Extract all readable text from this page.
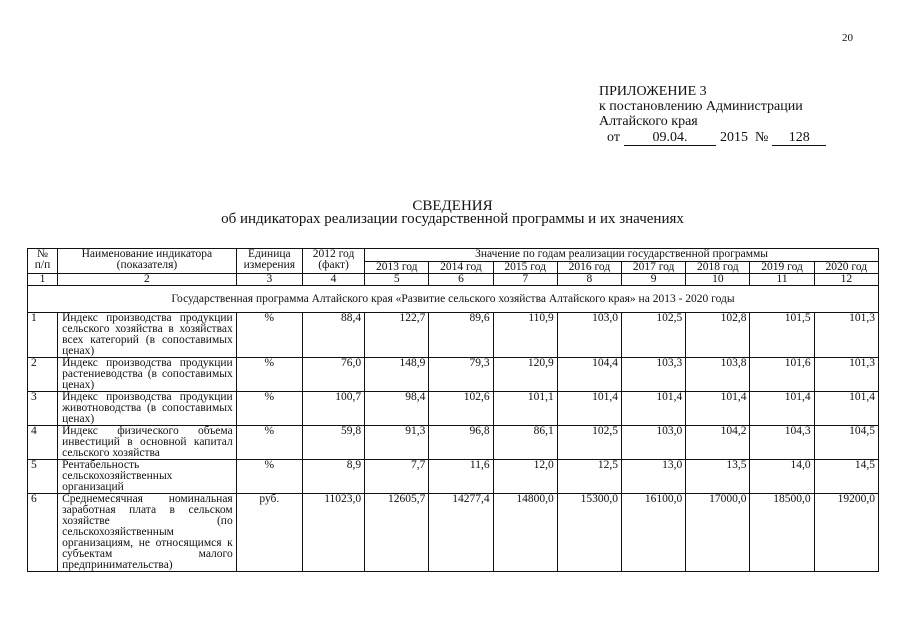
20
ПРИЛОЖЕНИЕ 3
к постановлению Администрации
Алтайского края
от 09.04. 2015 № 128
СВЕДЕНИЯ
об индикаторах реализации государственной программы и их значениях
№ п/п	Наименование индикатора (показателя)	Единица измерения	2012 год (факт)	Значение по годам реализации государственной программы							
				2013 год	2014 год	2015 год	2016 год	2017 год	2018 год	2019 год	2020 год
1	2	3	4	5	6	7	8	9	10	11	12
Государственная программа Алтайского края «Развитие сельского хозяйства Алтайского края» на 2013 - 2020 годы											
1	Индекс производства продукции сельского хозяйства в хозяйствах всех категорий (в сопоставимых ценах)	%	88,4	122,7	89,6	110,9	103,0	102,5	102,8	101,5	101,3
2	Индекс производства продукции растениеводства (в сопоставимых ценах)	%	76,0	148,9	79,3	120,9	104,4	103,3	103,8	101,6	101,3
3	Индекс производства продукции животноводства (в сопоставимых ценах)	%	100,7	98,4	102,6	101,1	101,4	101,4	101,4	101,4	101,4
4	Индекс физического объема инвестиций в основной капитал сельского хозяйства	%	59,8	91,3	96,8	86,1	102,5	103,0	104,2	104,3	104,5
5	Рентабельность сельскохозяйственных организаций	%	8,9	7,7	11,6	12,0	12,5	13,0	13,5	14,0	14,5
6	Среднемесячная номинальная заработная плата в сельском хозяйстве (по сельскохозяйственным организациям, не относящимся к субъектам малого предпринимательства)	руб.	11023,0	12605,7	14277,4	14800,0	15300,0	16100,0	17000,0	18500,0	19200,0
